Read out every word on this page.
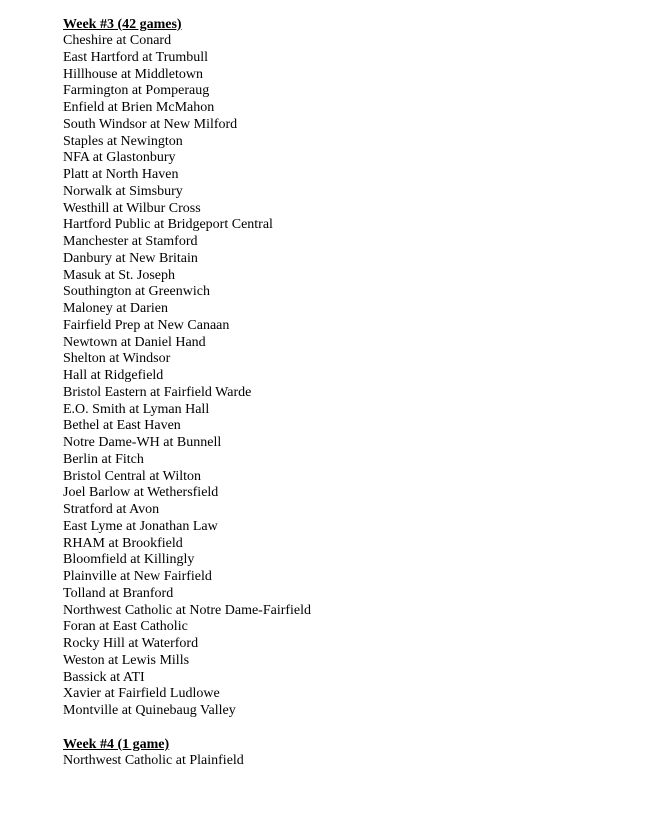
Week #3 (42 games)
Cheshire at Conard
East Hartford at Trumbull
Hillhouse at Middletown
Farmington at Pomperaug
Enfield at Brien McMahon
South Windsor at New Milford
Staples at Newington
NFA at Glastonbury
Platt at North Haven
Norwalk at Simsbury
Westhill at Wilbur Cross
Hartford Public at Bridgeport Central
Manchester at Stamford
Danbury at New Britain
Masuk at St. Joseph
Southington at Greenwich
Maloney at Darien
Fairfield Prep at New Canaan
Newtown at Daniel Hand
Shelton at Windsor
Hall at Ridgefield
Bristol Eastern at Fairfield Warde
E.O. Smith at Lyman Hall
Bethel at East Haven
Notre Dame-WH at Bunnell
Berlin at Fitch
Bristol Central at Wilton
Joel Barlow at Wethersfield
Stratford at Avon
East Lyme at Jonathan Law
RHAM at Brookfield
Bloomfield at Killingly
Plainville at New Fairfield
Tolland at Branford
Northwest Catholic at Notre Dame-Fairfield
Foran at East Catholic
Rocky Hill at Waterford
Weston at Lewis Mills
Bassick at ATI
Xavier at Fairfield Ludlowe
Montville at Quinebaug Valley
Week #4 (1 game)
Northwest Catholic at Plainfield
